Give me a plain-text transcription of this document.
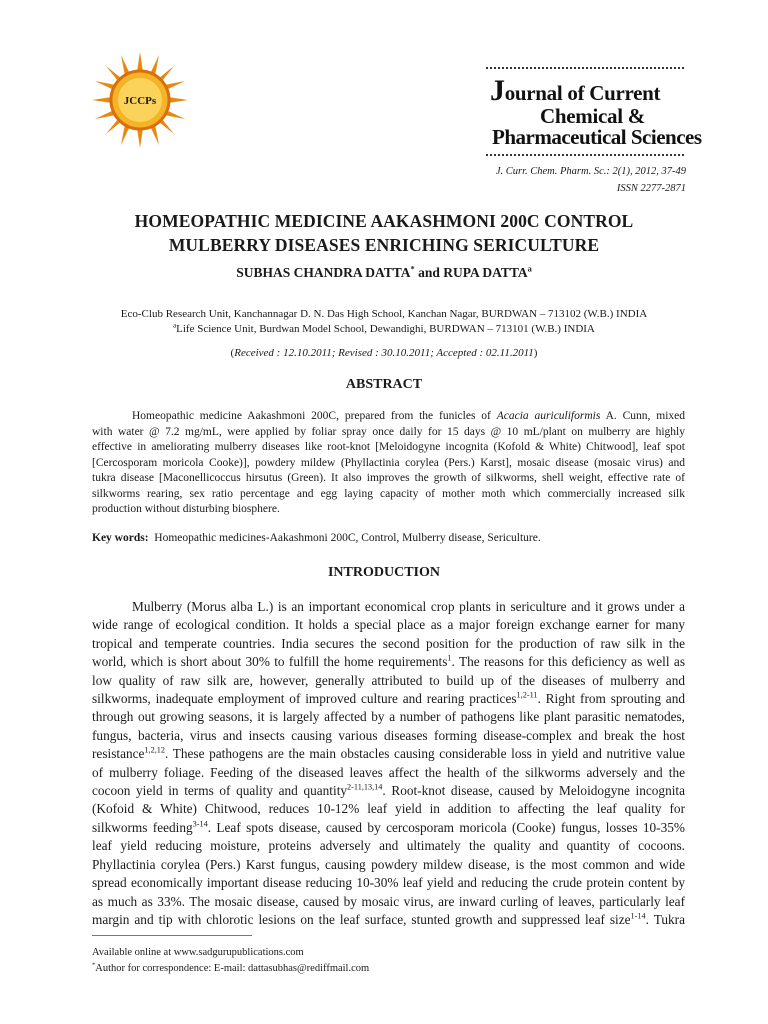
JCCPs	Journal of Current
Chemical &
Pharmaceutical Sciences
J. Curr. Chem. Pharm. Sc.: 2(1), 2012, 37-49
ISSN 2277-2871
HOMEOPATHIC MEDICINE AAKASHMONI 200C CONTROL
MULBERRY DISEASES ENRICHING SERICULTURE
SUBHAS CHANDRA DATTA* and RUPA DATTA$^a$
Eco-Club Research Unit, Kanchannagar D. N. Das High School, Kanchan Nagar, BURDWAN – 713102 (W.B.) INDIA
$^a$Life Science Unit, Burdwan Model School, Dewandighi, BURDWAN – 713101 (W.B.) INDIA
(Received : 12.10.2011; Revised : 30.10.2011; Accepted : 02.11.2011)
ABSTRACT
Homeopathic medicine Aakashmoni 200C, prepared from the funicles of Acacia auriculiformis A. Cunn, mixed
with water @ 7.2 mg/mL, were applied by foliar spray once daily for 15 days @ 10 mL/plant on mulberry are highly
effective in ameliorating mulberry diseases like root-knot [Meloidogyne incognita (Kofold & White) Chitwood], leaf spot
[Cercosporam moricola Cooke)], powdery mildew (Phyllactinia corylea (Pers.) Karst], mosaic disease (mosaic virus) and
tukra disease [Maconellicoccus hirsutus (Green). It also improves the growth of silkworms, shell weight, effective rate of
silkworms rearing, sex ratio percentage and egg laying capacity of mother moth which commercially increased silk
production without disturbing biosphere.
Key words: Homeopathic medicines-Aakashmoni 200C, Control, Mulberry disease, Sericulture.
INTRODUCTION
Mulberry (Morus alba L.) is an important economical crop plants in sericulture and it grows under a
wide range of ecological condition. It holds a special place as a major foreign exchange earner for many
tropical and temperate countries. India secures the second position for the production of raw silk in the
world, which is short about 30% to fulfill the home requirements$^1$. The reasons for this deficiency as well as
low quality of raw silk are, however, generally attributed to build up of the diseases of mulberry and
silkworms, inadequate employment of improved culture and rearing practices$^{1,2-11}$. Right from sprouting and
through out growing seasons, it is largely affected by a number of pathogens like plant parasitic nematodes,
fungus, bacteria, virus and insects causing various diseases forming disease-complex and break the host
resistance$^{1,2,12}$. These pathogens are the main obstacles causing considerable loss in yield and nutritive value
of mulberry foliage. Feeding of the diseased leaves affect the health of the silkworms adversely and the
cocoon yield in terms of quality and quantity$^{2-11,13,14}$. Root-knot disease, caused by Meloidogyne incognita
(Kofoid & White) Chitwood, reduces 10-12% leaf yield in addition to affecting the leaf quality for
silkworms feeding$^{3-14}$. Leaf spots disease, caused by cercosporam moricola (Cooke) fungus, losses 10-35%
leaf yield reducing moisture, proteins adversely and ultimately the quality and quantity of cocoons.
Phyllactinia corylea (Pers.) Karst fungus, causing powdery mildew disease, is the most common and wide
spread economically important disease reducing 10-30% leaf yield and reducing the crude protein content by
as much as 33%. The mosaic disease, caused by mosaic virus, are inward curling of leaves, particularly leaf
margin and tip with chlorotic lesions on the leaf surface, stunted growth and suppressed leaf size$^{1-14}$. Tukra
Available online at www.sadgurupublications.com
*Author for correspondence: E-mail: dattasubhas@rediffmail.com
